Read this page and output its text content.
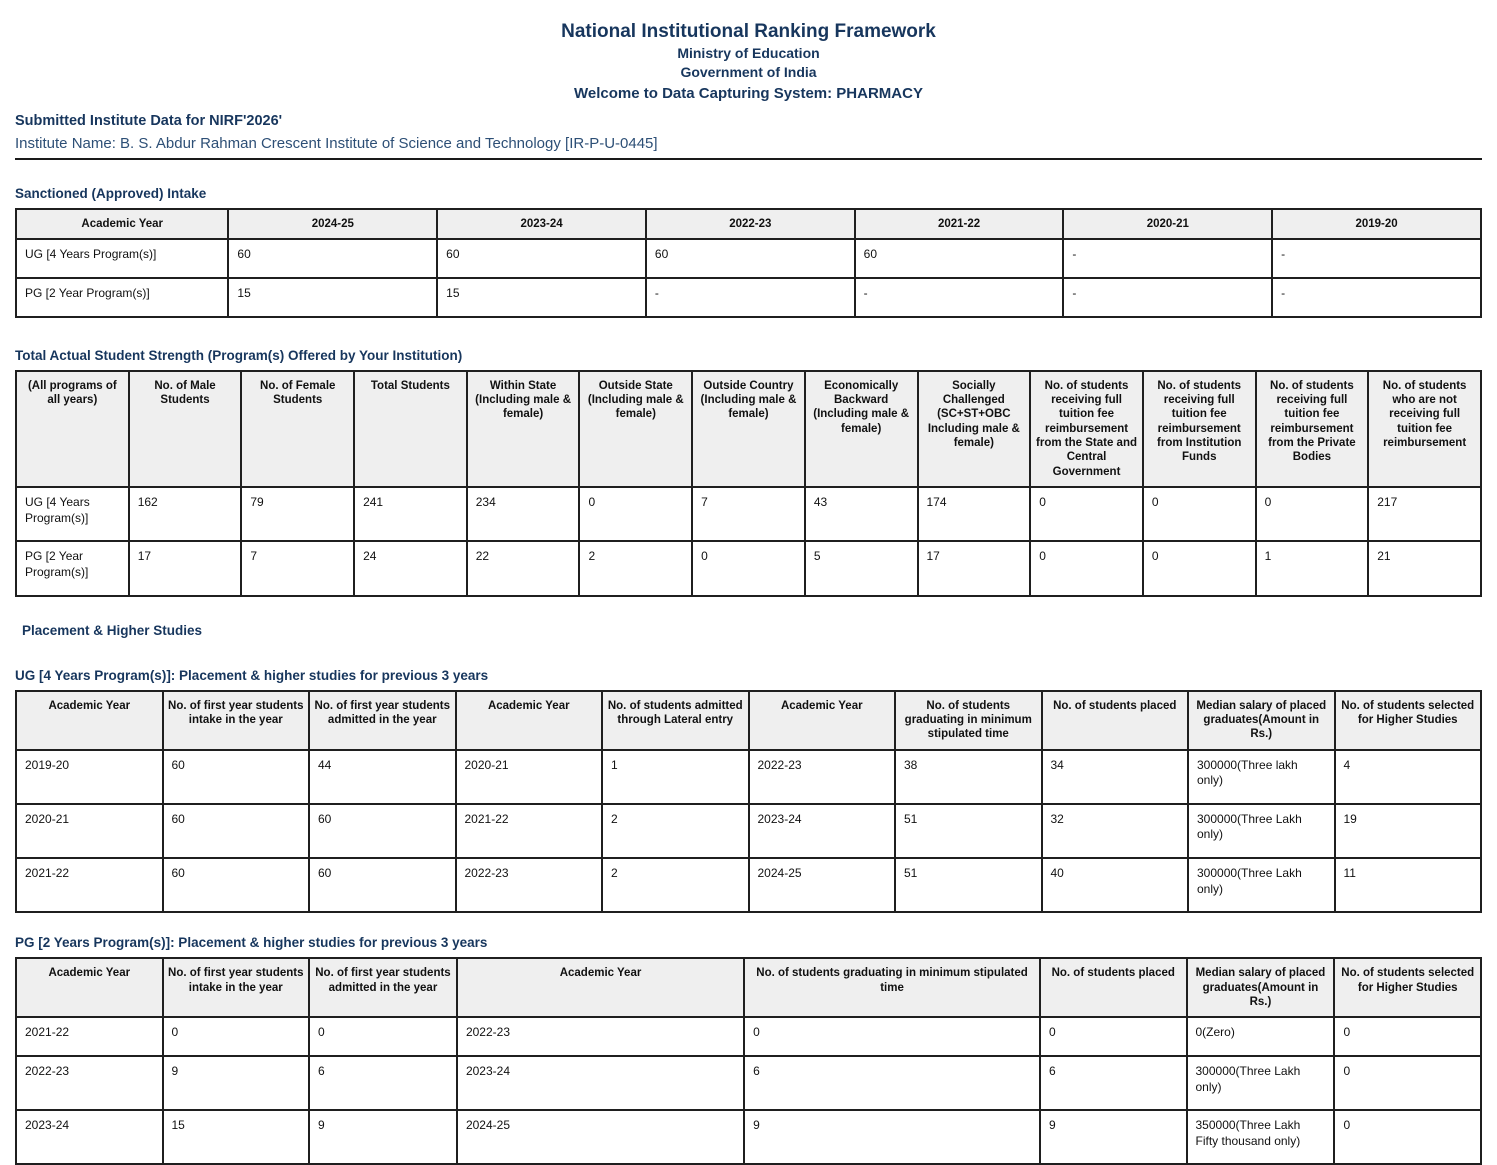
National Institutional Ranking Framework
Ministry of Education
Government of India
Welcome to Data Capturing System: PHARMACY
Submitted Institute Data for NIRF'2026'
Institute Name: B. S. Abdur Rahman Crescent Institute of Science and Technology [IR-P-U-0445]
Sanctioned (Approved) Intake
Academic Year	2024-25	2023-24	2022-23	2021-22	2020-21	2019-20
UG [4 Years Program(s)]	60	60	60	60	-	-
PG [2 Year Program(s)]	15	15	-	-	-	-
Total Actual Student Strength (Program(s) Offered by Your Institution)
(All programs of all years)	No. of Male Students	No. of Female Students	Total Students	Within State (Including male & female)	Outside State (Including male & female)	Outside Country (Including male & female)	Economically Backward (Including male & female)	Socially Challenged (SC+ST+OBC Including male & female)	No. of students receiving full tuition fee reimbursement from the State and Central Government	No. of students receiving full tuition fee reimbursement from Institution Funds	No. of students receiving full tuition fee reimbursement from the Private Bodies	No. of students who are not receiving full tuition fee reimbursement
UG [4 Years Program(s)]	162	79	241	234	0	7	43	174	0	0	0	217
PG [2 Year Program(s)]	17	7	24	22	2	0	5	17	0	0	1	21
Placement & Higher Studies
UG [4 Years Program(s)]: Placement & higher studies for previous 3 years
Academic Year	No. of first year students intake in the year	No. of first year students admitted in the year	Academic Year	No. of students admitted through Lateral entry	Academic Year	No. of students graduating in minimum stipulated time	No. of students placed	Median salary of placed graduates(Amount in Rs.)	No. of students selected for Higher Studies
2019-20	60	44	2020-21	1	2022-23	38	34	300000(Three lakh only)	4
2020-21	60	60	2021-22	2	2023-24	51	32	300000(Three Lakh only)	19
2021-22	60	60	2022-23	2	2024-25	51	40	300000(Three Lakh only)	11
PG [2 Years Program(s)]: Placement & higher studies for previous 3 years
Academic Year	No. of first year students intake in the year	No. of first year students admitted in the year	Academic Year	No. of students graduating in minimum stipulated time	No. of students placed	Median salary of placed graduates(Amount in Rs.)	No. of students selected for Higher Studies
2021-22	0	0	2022-23	0	0	0(Zero)	0
2022-23	9	6	2023-24	6	6	300000(Three Lakh only)	0
2023-24	15	9	2024-25	9	9	350000(Three Lakh Fifty thousand only)	0
